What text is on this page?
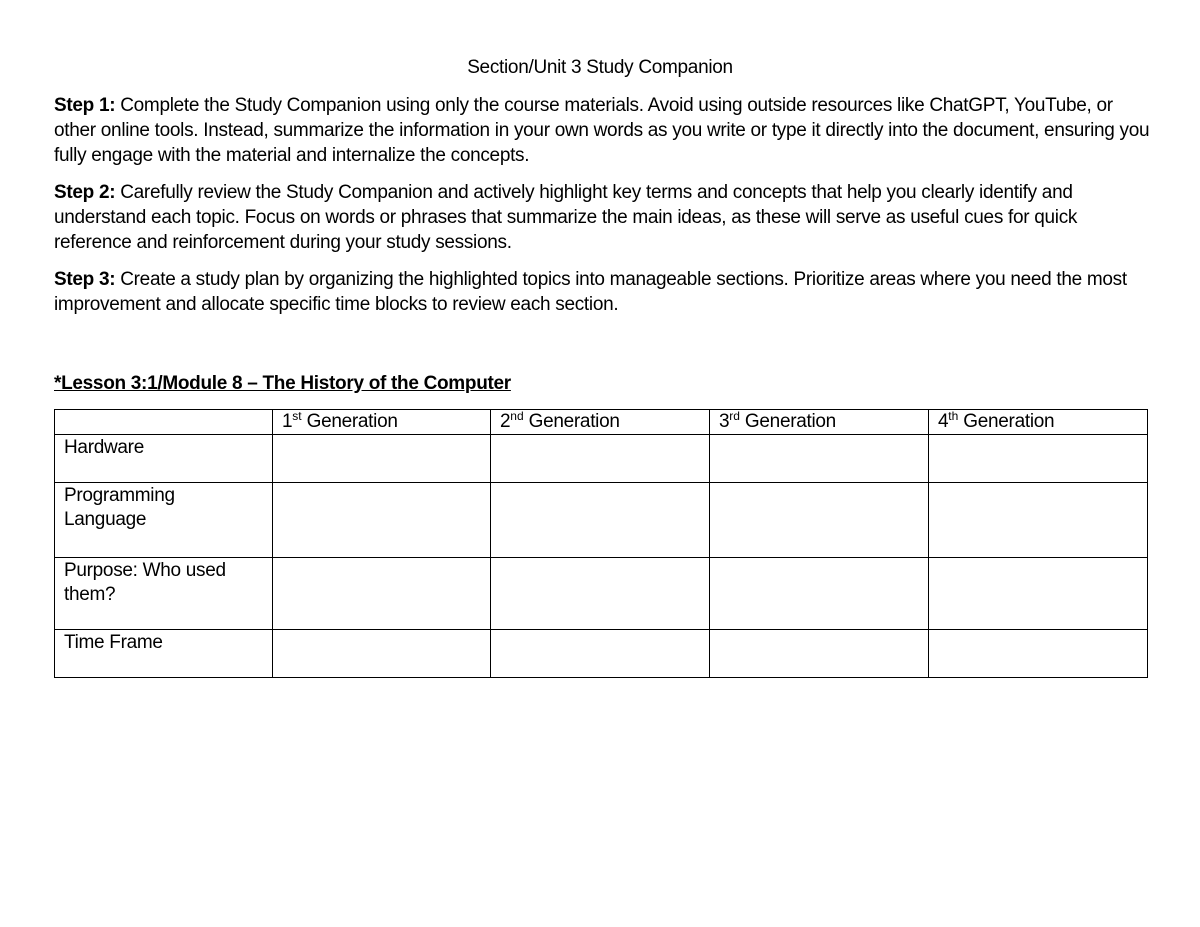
Section/Unit 3 Study Companion

Step 1: Complete the Study Companion using only the course materials. Avoid using outside resources like ChatGPT, YouTube, or other online tools. Instead, summarize the information in your own words as you write or type it directly into the document, ensuring you fully engage with the material and internalize the concepts.

Step 2: Carefully review the Study Companion and actively highlight key terms and concepts that help you clearly identify and understand each topic. Focus on words or phrases that summarize the main ideas, as these will serve as useful cues for quick reference and reinforcement during your study sessions.

Step 3: Create a study plan by organizing the highlighted topics into manageable sections. Prioritize areas where you need the most improvement and allocate specific time blocks to review each section.

*Lesson 3:1/Module 8 – The History of the Computer
	1st Generation	2nd Generation	3rd Generation	4th Generation

Hardware				

Programming
Language				

Purpose: Who used
them?				

Time Frame				
